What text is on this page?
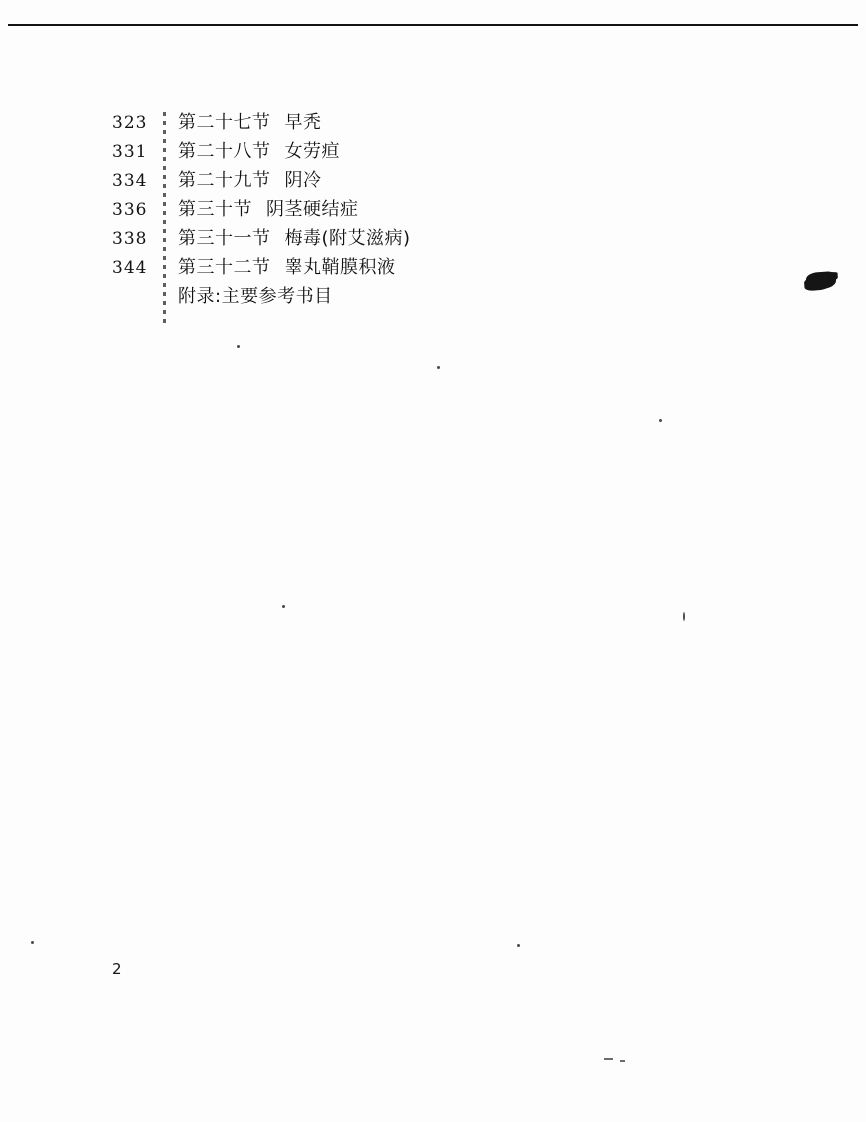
323	第二十七节 早秃
331	第二十八节 女劳疸
334	第二十九节 阴冷
336	第三十节 阴茎硬结症
338	第三十一节 梅毒(附艾滋病)
344	第三十二节 睾丸鞘膜积液
附录:主要参考书目
2
